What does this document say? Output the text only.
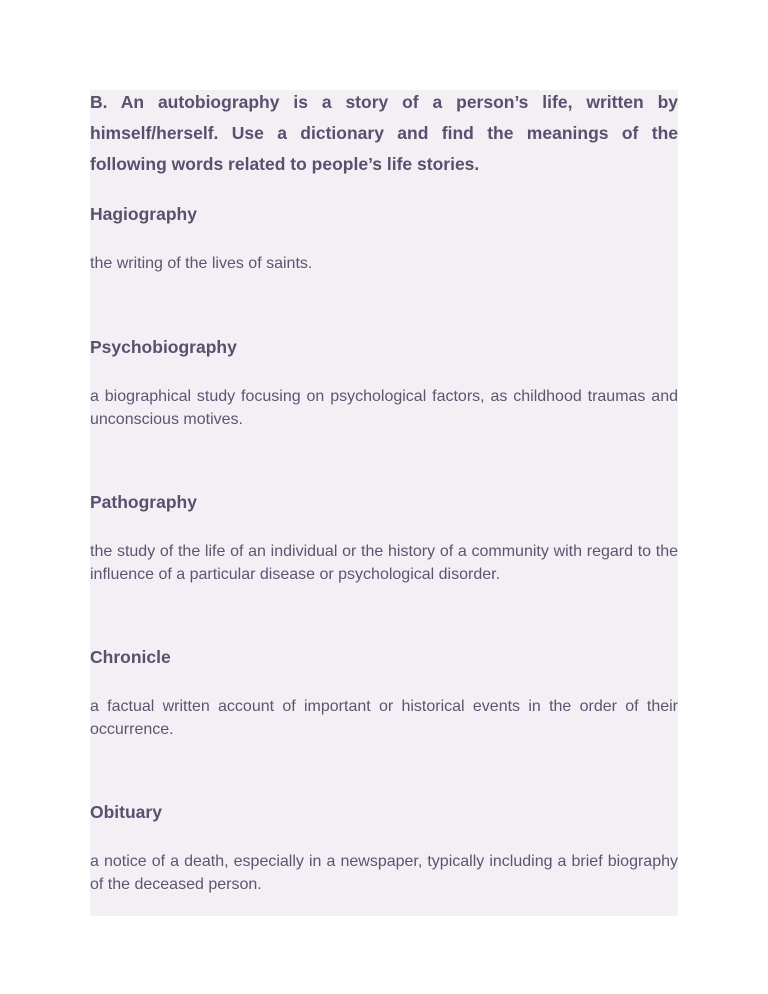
B. An autobiography is a story of a person’s life, written by himself/herself. Use a dictionary and find the meanings of the following words related to people’s life stories.

Hagiography

the writing of the lives of saints.

Psychobiography

a biographical study focusing on psychological factors, as childhood traumas and unconscious motives.

Pathography

the study of the life of an individual or the history of a community with regard to the influence of a particular disease or psychological disorder.

Chronicle

a factual written account of important or historical events in the order of their occurrence.

Obituary

a notice of a death, especially in a newspaper, typically including a brief biography of the deceased person.
